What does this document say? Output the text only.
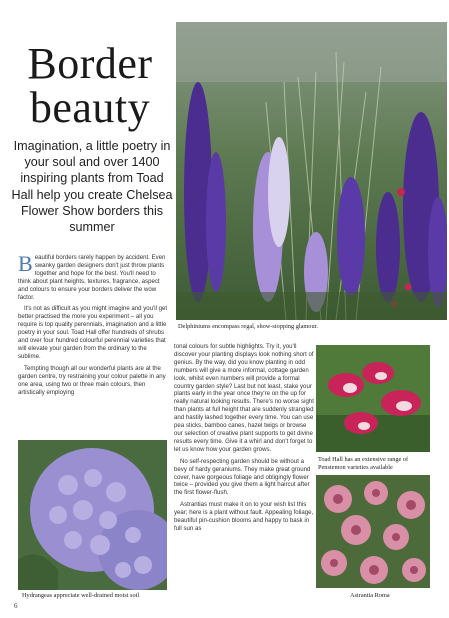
Border
beauty
Imagination, a little poetry in your soul and over 1400 inspiring plants from Toad Hall help you create Chelsea Flower Show borders this summer

Beautiful borders rarely happen by accident. Even swanky garden designers don't just throw plants together and hope for the best. You'll need to think about plant heights, textures, fragrance, aspect and colours to ensure your borders deliver the wow factor.

It's not as difficult as you might imagine and you'll get better practised the more you experiment – all you require is top quality perennials, imagination and a little poetry in your soul. Toad Hall offer hundreds of shrubs and over four hundred colourful perennial varieties that will elevate your garden from the ordinary to the sublime.

Tempting though all our wonderful plants are at the garden centre, try restraining your colour palette in any one area, using two or three main colours, then artistically employing

tonal colours for subtle highlights. Try it, you'll discover your planting displays look nothing short of genius. By the way, did you know planting in odd numbers will give a more informal, cottage garden look, whilst even numbers will provide a formal country garden style? Last but not least, stake your plants early in the year once they're on the up for really natural looking results. There's no worse sight than plants at full height that are suddenly strangled and hastily lashed together every time. You can use pea sticks, bamboo canes, hazel twigs or browse our selection of creative plant supports to get divine results every time. Give it a whirl and don't forget to let us know how your garden grows.

No self-respecting garden should be without a bevy of hardy geraniums. They make great ground cover, have gorgeous foliage and obligingly flower twice – provided you give them a light haircut after the first flower-flush.

Astrantias must make it on to your wish list this year; here is a plant without fault. Appealing foliage, beautiful pin-cushion blooms and happy to bask in full sun as

Delphiniums encompass regal, show-stopping glamour.
Toad Hall has an extensive range of Penstemon varieties available
Hydrangeas appreciate well-drained moist soil	Astrantia Roma
6
